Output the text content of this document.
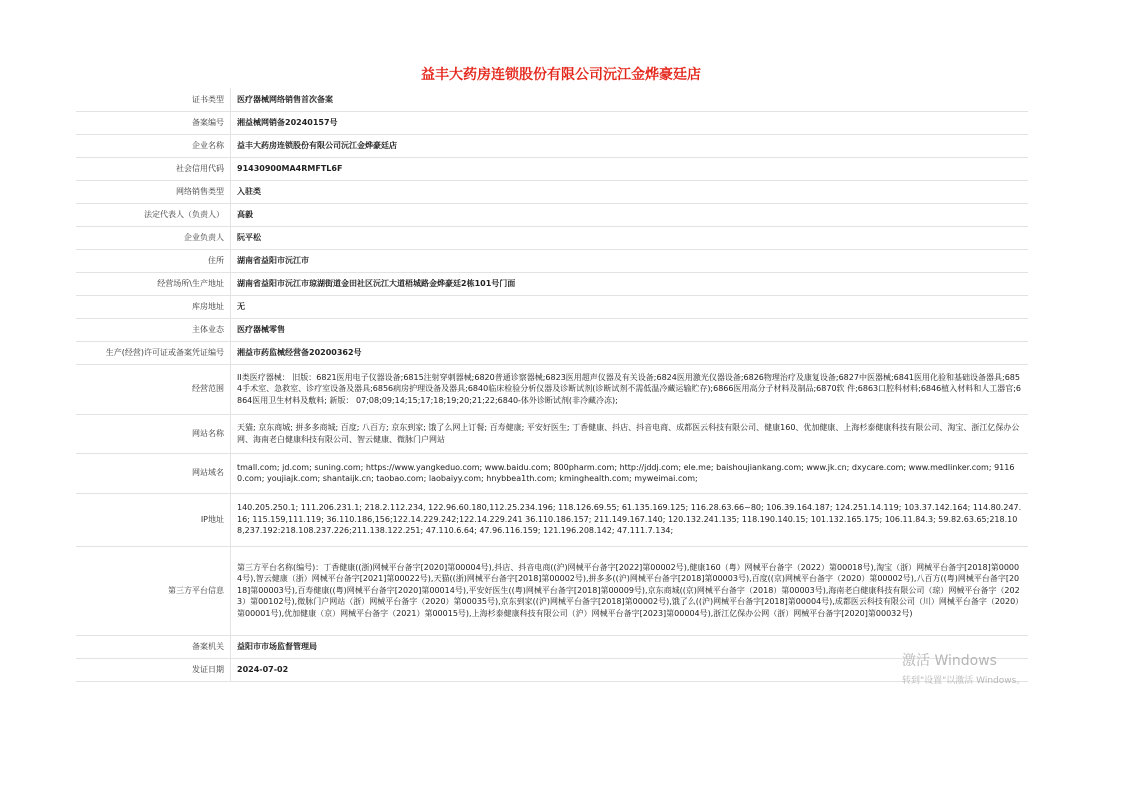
益丰大药房连锁股份有限公司沅江金烨豪廷店
证书类型	医疗器械网络销售首次备案
备案编号	湘益械网销备20240157号
企业名称	益丰大药房连锁股份有限公司沅江金烨豪廷店
社会信用代码	91430900MA4RMFTL6F
网络销售类型	入驻类
法定代表人（负责人）	高毅
企业负责人	阮平松
住所	湖南省益阳市沅江市
经营场所\生产地址	湖南省益阳市沅江市琼湖街道金田社区沅江大道梧城路金烨豪廷2栋101号门面
库房地址	无
主体业态	医疗器械零售
生产(经营)许可证或备案凭证编号	湘益市药监械经营备20200362号
经营范围	II类医疗器械： 旧版：6821医用电子仪器设备;6815注射穿刺器械;6820普通诊察器械;6823医用超声仪器及有关设备;6824医用激光仪器设备;6826物理治疗及康复设备;6827中医器械;6841医用化验和基础设备器具;6854手术室、急救室、诊疗室设备及器具;6856病房护理设备及器具;6840临床检验分析仪器及诊断试剂(诊断试剂不需低温冷藏运输贮存);6866医用高分子材料及制品;6870软 件;6863口腔科材料;6846植入材料和人工器官;6864医用卫生材料及敷料; 新版： 07;08;09;14;15;17;18;19;20;21;22;6840-体外诊断试剂(非冷藏冷冻);
网站名称	天猫; 京东商城; 拼多多商城; 百度; 八百方; 京东到家; 饿了么网上订餐; 百寿健康; 平安好医生; 丁香健康、抖店、抖音电商、成都医云科技有限公司、健康160、优加健康、上海杉泰健康科技有限公司、淘宝、浙江亿保办公网、海南老白健康科技有限公司、智云健康、微脉门户网站
网站域名	tmall.com; jd.com; suning.com; https://www.yangkeduo.com; www.baidu.com; 800pharm.com; http://jddj.com; ele.me; baishoujiankang.com; www.jk.cn; dxycare.com; www.medlinker.com; 91160.com; youjiajk.com; shantaijk.cn; taobao.com; laobaiyy.com; hnybbea1th.com; kminghealth.com; myweimai.com;
IP地址	140.205.250.1; 111.206.231.1; 218.2.112.234, 122.96.60.180,112.25.234.196; 118.126.69.55; 61.135.169.125; 116.28.63.66~80; 106.39.164.187; 124.251.14.119; 103.37.142.164; 114.80.247.16; 115.159,111.119; 36.110.186,156;122.14.229.242;122.14.229.241 36.110.186.157; 211.149.167.140; 120.132.241.135; 118.190.140.15; 101.132.165.175; 106.11.84.3; 59.82.63.65;218.108,237.192:218.108.237.226;211.138.122.251; 47.110.6.64; 47.96.116.159; 121.196.208.142; 47.111.7.134;
第三方平台信息	第三方平台名称(编号)：丁香健康((浙)网械平台备字[2020]第00004号),抖店、抖音电商((沪)网械平台备字[2022]第00002号),健康160（粤）网械平台备字（2022）第00018号),淘宝（浙）网械平台备字[2018]第00004号),智云健康（浙）网械平台备字[2021]第00022号),天猫((浙)网械平台备字[2018]第00002号),拼多多((沪)网械平台备字[2018]第00003号),百度((京)网械平台备字（2020）第00002号),八百方((粤)网械平台备字[2018]第00003号),百寿健康((粤)网械平台备字[2020]第00014号),平安好医生((粤)网械平台备字[2018]第00009号),京东商城((京)网械平台备字（2018）第00003号),海南老白健康科技有限公司（琼）网械平台备字（2023）第00102号),微脉门户网站（浙）网械平台备字（2020）第00035号),京东到家((沪)网械平台备字[2018]第00002号),饿了么((沪)网械平台备字[2018]第00004号),成都医云科技有限公司（川）网械平台备字（2020）第00001号),优加健康（京）网械平台备字（2021）第00015号),上海杉泰健康科技有限公司（沪）网械平台备字[2023]第00004号),浙江亿保办公网（浙）网械平台备字[2020]第00032号)
备案机关	益阳市市场监督管理局
发证日期	2024-07-02
激活 Windows
转到"设置"以激活 Windows。
